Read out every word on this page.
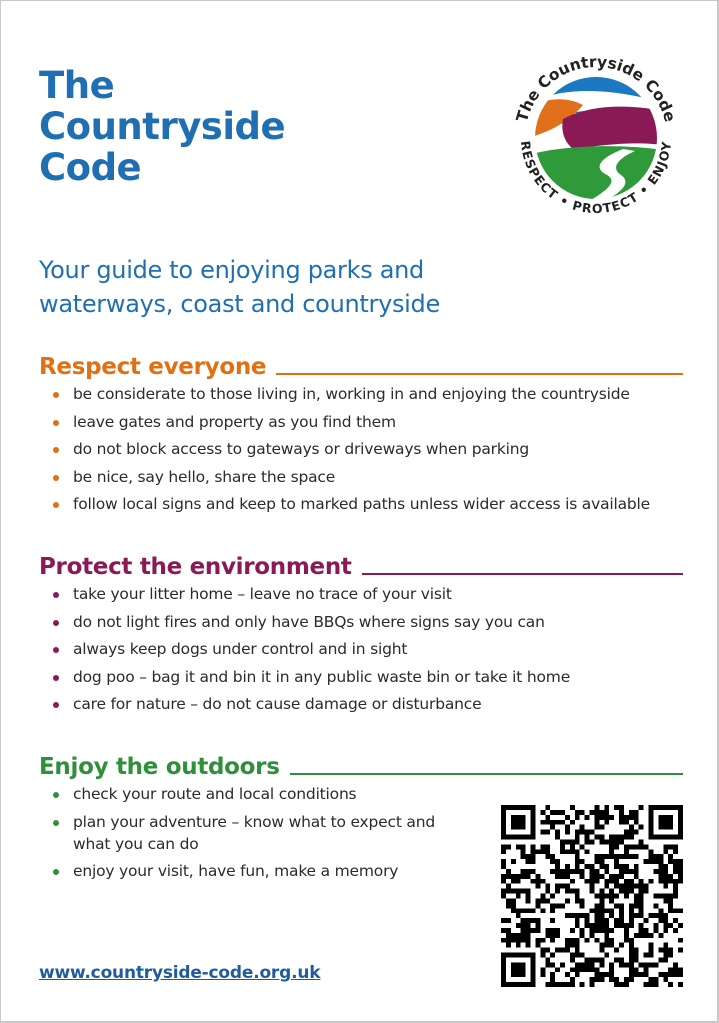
The
Countryside
Code
The Countryside Code
RESPECT • PROTECT • ENJOY
Your guide to enjoying parks and
waterways, coast and countryside
Respect everyone
be considerate to those living in, working in and enjoying the countryside
leave gates and property as you find them
do not block access to gateways or driveways when parking
be nice, say hello, share the space
follow local signs and keep to marked paths unless wider access is available
Protect the environment
take your litter home – leave no trace of your visit
do not light fires and only have BBQs where signs say you can
always keep dogs under control and in sight
dog poo – bag it and bin it in any public waste bin or take it home
care for nature – do not cause damage or disturbance
Enjoy the outdoors
check your route and local conditions
plan your adventure – know what to expect and what you can do
enjoy your visit, have fun, make a memory
www.countryside-code.org.uk
